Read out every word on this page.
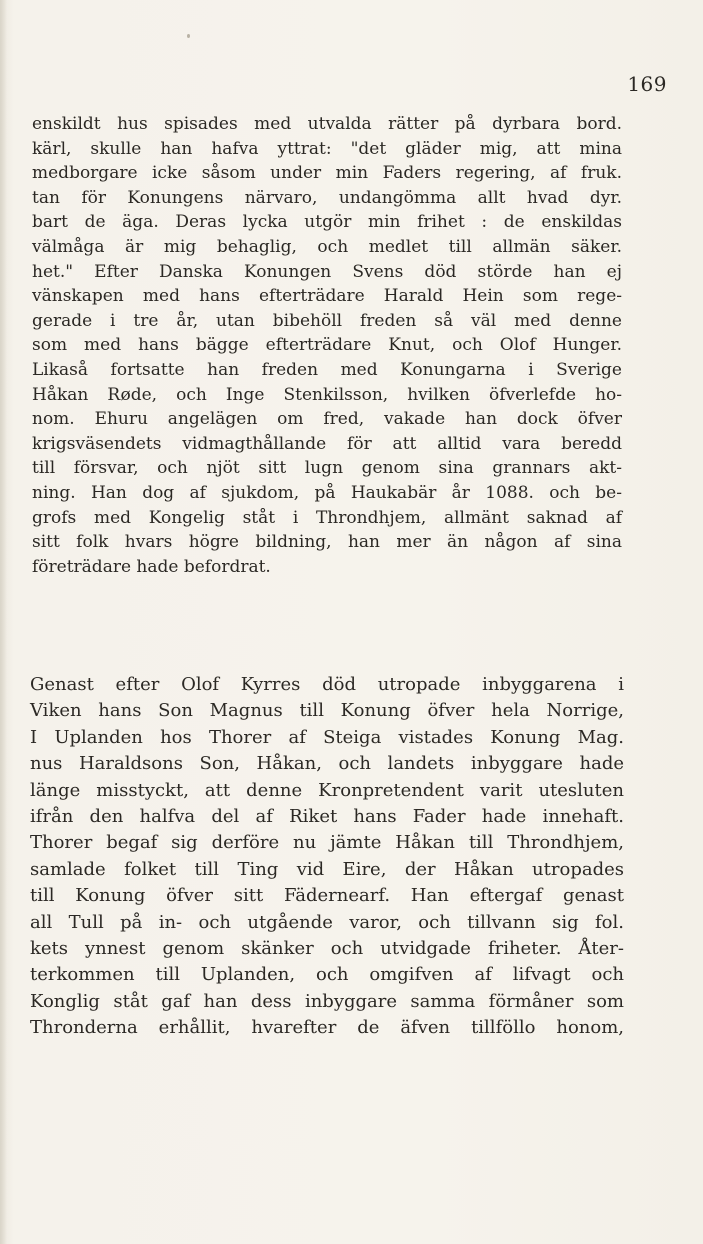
169

enskildt hus spisades med utvalda rätter på dyrbara bord.
kärl, skulle han hafva yttrat: "det gläder mig, att mina
medborgare icke såsom under min Faders regering, af fruk.
tan för Konungens närvaro, undangömma allt hvad dyr.
bart de äga. Deras lycka utgör min frihet : de enskildas
välmåga är mig behaglig, och medlet till allmän säker.
het." Efter Danska Konungen Svens död störde han ej
vänskapen med hans efterträdare Harald Hein som rege-
gerade i tre år, utan bibehöll freden så väl med denne
som med hans bägge efterträdare Knut, och Olof Hunger.
Likaså fortsatte han freden med Konungarna i Sverige
Håkan Røde, och Inge Stenkilsson, hvilken öfverlefde ho-
nom. Ehuru angelägen om fred, vakade han dock öfver
krigsväsendets vidmagthållande för att alltid vara beredd
till försvar, och njöt sitt lugn genom sina grannars akt-
ning. Han dog af sjukdom, på Haukabär år 1088. och be-
grofs med Kongelig ståt i Throndhjem, allmänt saknad af
sitt folk hvars högre bildning, han mer än någon af sina
företrädare hade befordrat.

Genast efter Olof Kyrres död utropade inbyggarena i
Viken hans Son Magnus till Konung öfver hela Norrige,
I Uplanden hos Thorer af Steiga vistades Konung Mag.
nus Haraldsons Son, Håkan, och landets inbyggare hade
länge misstyckt, att denne Kronpretendent varit utesluten
ifrån den halfva del af Riket hans Fader hade innehaft.
Thorer begaf sig derföre nu jämte Håkan till Throndhjem,
samlade folket till Ting vid Eire, der Håkan utropades
till Konung öfver sitt Fädernearf. Han eftergaf genast
all Tull på in- och utgående varor, och tillvann sig fol.
kets ynnest genom skänker och utvidgade friheter. Åter-
terkommen till Uplanden, och omgifven af lifvagt och
Konglig ståt gaf han dess inbyggare samma förmåner som
Thronderna erhållit, hvarefter de äfven tillföllo honom,
